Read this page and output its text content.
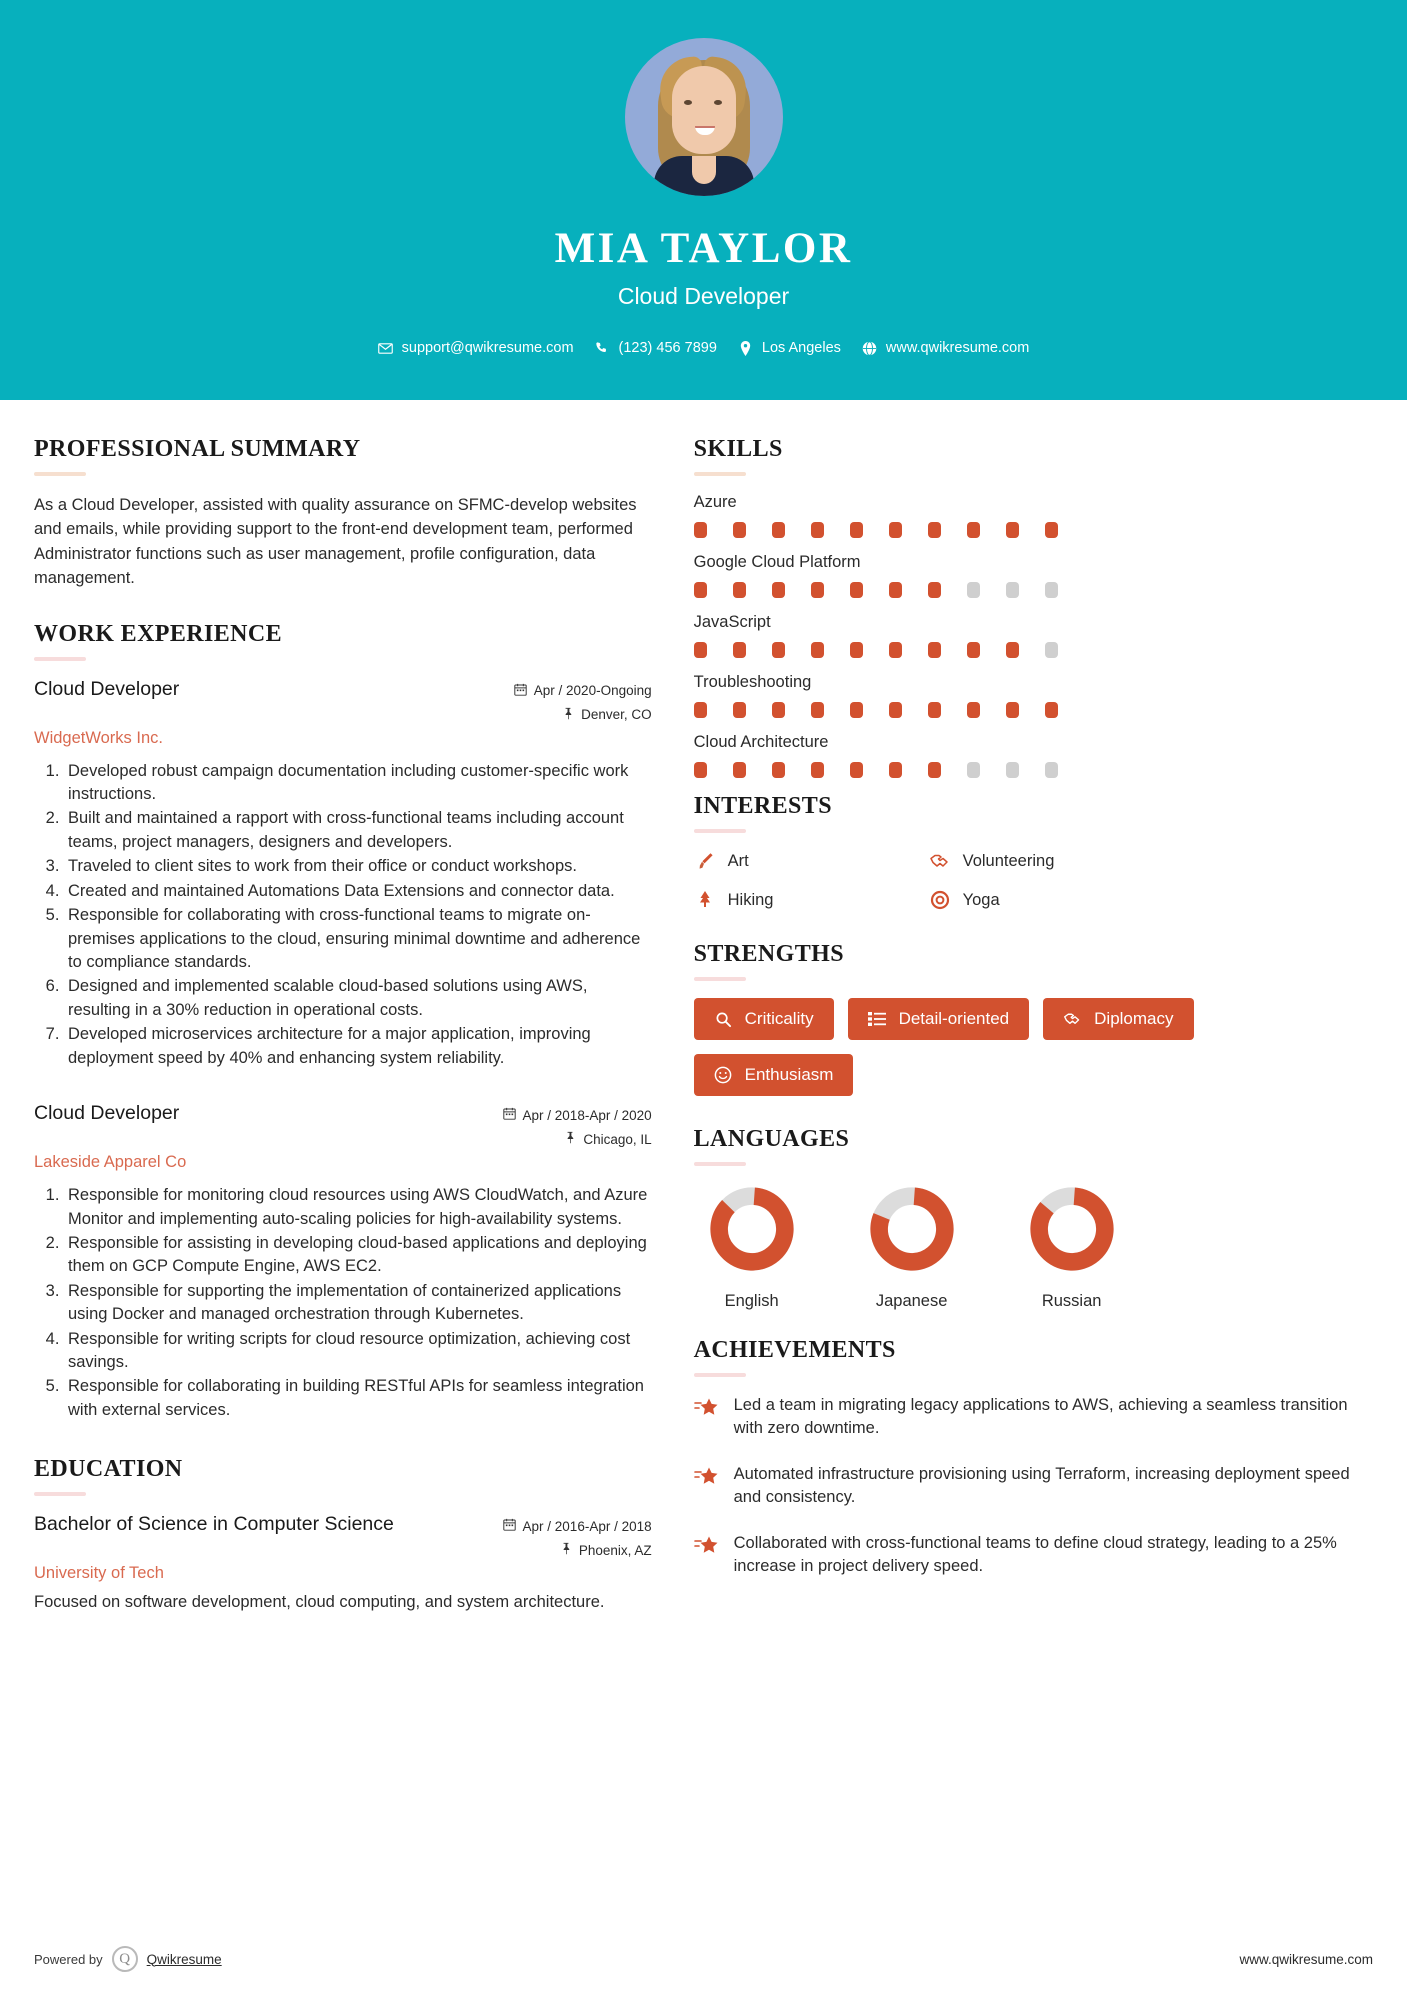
MIA TAYLOR
Cloud Developer
support@qwikresume.com	(123) 456 7899	Los Angeles	www.qwikresume.com
PROFESSIONAL SUMMARY
As a Cloud Developer, assisted with quality assurance on SFMC-develop websites and emails, while providing support to the front-end development team, performed Administrator functions such as user management, profile configuration, data management.
WORK EXPERIENCE
Cloud Developer	Apr / 2020-Ongoing
Denver, CO
WidgetWorks Inc.
1. Developed robust campaign documentation including customer-specific work instructions.
2. Built and maintained a rapport with cross-functional teams including account teams, project managers, designers and developers.
3. Traveled to client sites to work from their office or conduct workshops.
4. Created and maintained Automations Data Extensions and connector data.
5. Responsible for collaborating with cross-functional teams to migrate on-premises applications to the cloud, ensuring minimal downtime and adherence to compliance standards.
6. Designed and implemented scalable cloud-based solutions using AWS, resulting in a 30% reduction in operational costs.
7. Developed microservices architecture for a major application, improving deployment speed by 40% and enhancing system reliability.
Cloud Developer	Apr / 2018-Apr / 2020
Chicago, IL
Lakeside Apparel Co
1. Responsible for monitoring cloud resources using AWS CloudWatch, and Azure Monitor and implementing auto-scaling policies for high-availability systems.
2. Responsible for assisting in developing cloud-based applications and deploying them on GCP Compute Engine, AWS EC2.
3. Responsible for supporting the implementation of containerized applications using Docker and managed orchestration through Kubernetes.
4. Responsible for writing scripts for cloud resource optimization, achieving cost savings.
5. Responsible for collaborating in building RESTful APIs for seamless integration with external services.
EDUCATION
Bachelor of Science in Computer Science	Apr / 2016-Apr / 2018
Phoenix, AZ
University of Tech
Focused on software development, cloud computing, and system architecture.
SKILLS
Azure
Google Cloud Platform
JavaScript
Troubleshooting
Cloud Architecture
INTERESTS
Art	Volunteering
Hiking	Yoga
STRENGTHS
Criticality	Detail-oriented	Diplomacy
Enthusiasm
LANGUAGES
English	Japanese	Russian
ACHIEVEMENTS
Led a team in migrating legacy applications to AWS, achieving a seamless transition with zero downtime.
Automated infrastructure provisioning using Terraform, increasing deployment speed and consistency.
Collaborated with cross-functional teams to define cloud strategy, leading to a 25% increase in project delivery speed.
Powered by Q Qwikresume	www.qwikresume.com
